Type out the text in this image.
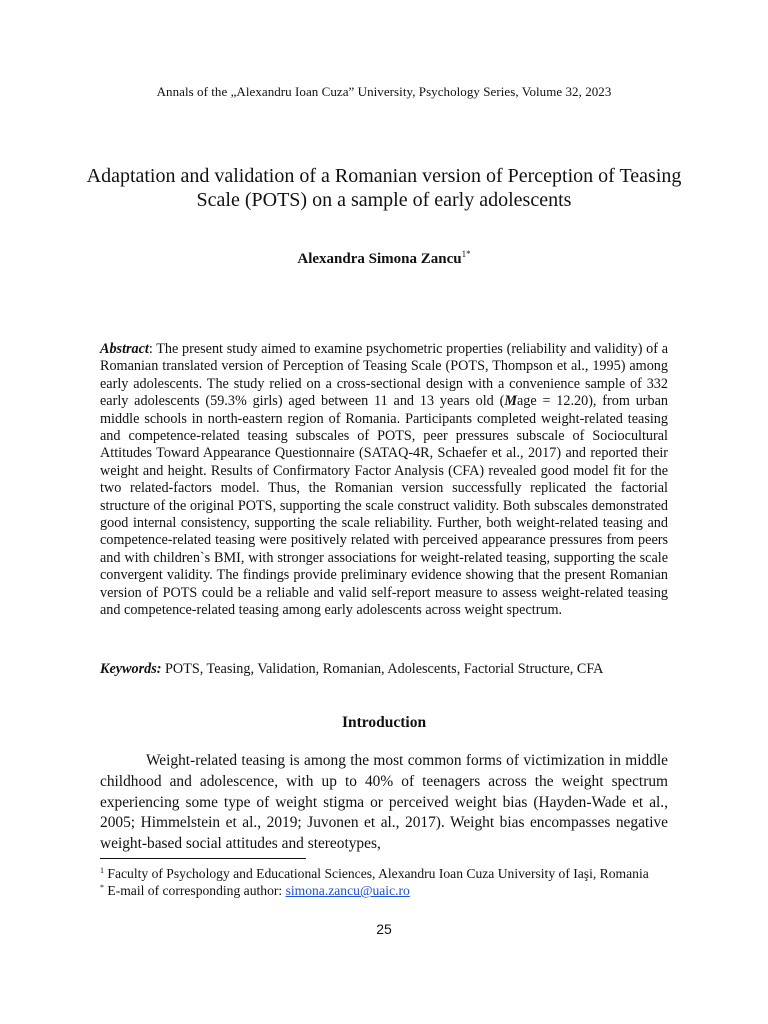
Annals of the „Alexandru Ioan Cuza” University, Psychology Series, Volume 32, 2023
Adaptation and validation of a Romanian version of Perception of Teasing Scale (POTS) on a sample of early adolescents
Alexandra Simona Zancu$^{1*}$
Abstract: The present study aimed to examine psychometric properties (reliability and validity) of a Romanian translated version of Perception of Teasing Scale (POTS, Thompson et al., 1995) among early adolescents. The study relied on a cross-sectional design with a convenience sample of 332 early adolescents (59.3% girls) aged between 11 and 13 years old (Mage = 12.20), from urban middle schools in north-eastern region of Romania. Participants completed weight-related teasing and competence-related teasing subscales of POTS, peer pressures subscale of Sociocultural Attitudes Toward Appearance Questionnaire (SATAQ-4R, Schaefer et al., 2017) and reported their weight and height. Results of Confirmatory Factor Analysis (CFA) revealed good model fit for the two related-factors model. Thus, the Romanian version successfully replicated the factorial structure of the original POTS, supporting the scale construct validity. Both subscales demonstrated good internal consistency, supporting the scale reliability. Further, both weight-related teasing and competence-related teasing were positively related with perceived appearance pressures from peers and with children`s BMI, with stronger associations for weight-related teasing, supporting the scale convergent validity. The findings provide preliminary evidence showing that the present Romanian version of POTS could be a reliable and valid self-report measure to assess weight-related teasing and competence-related teasing among early adolescents across weight spectrum.
Keywords: POTS, Teasing, Validation, Romanian, Adolescents, Factorial Structure, CFA
Introduction

Weight-related teasing is among the most common forms of victimization in middle childhood and adolescence, with up to 40% of teenagers across the weight spectrum experiencing some type of weight stigma or perceived weight bias (Hayden-Wade et al., 2005; Himmelstein et al., 2019; Juvonen et al., 2017). Weight bias encompasses negative weight-based social attitudes and stereotypes,

$^1$ Faculty of Psychology and Educational Sciences, Alexandru Ioan Cuza University of Iaşi, Romania
* E-mail of corresponding author: simona.zancu@uaic.ro
25
